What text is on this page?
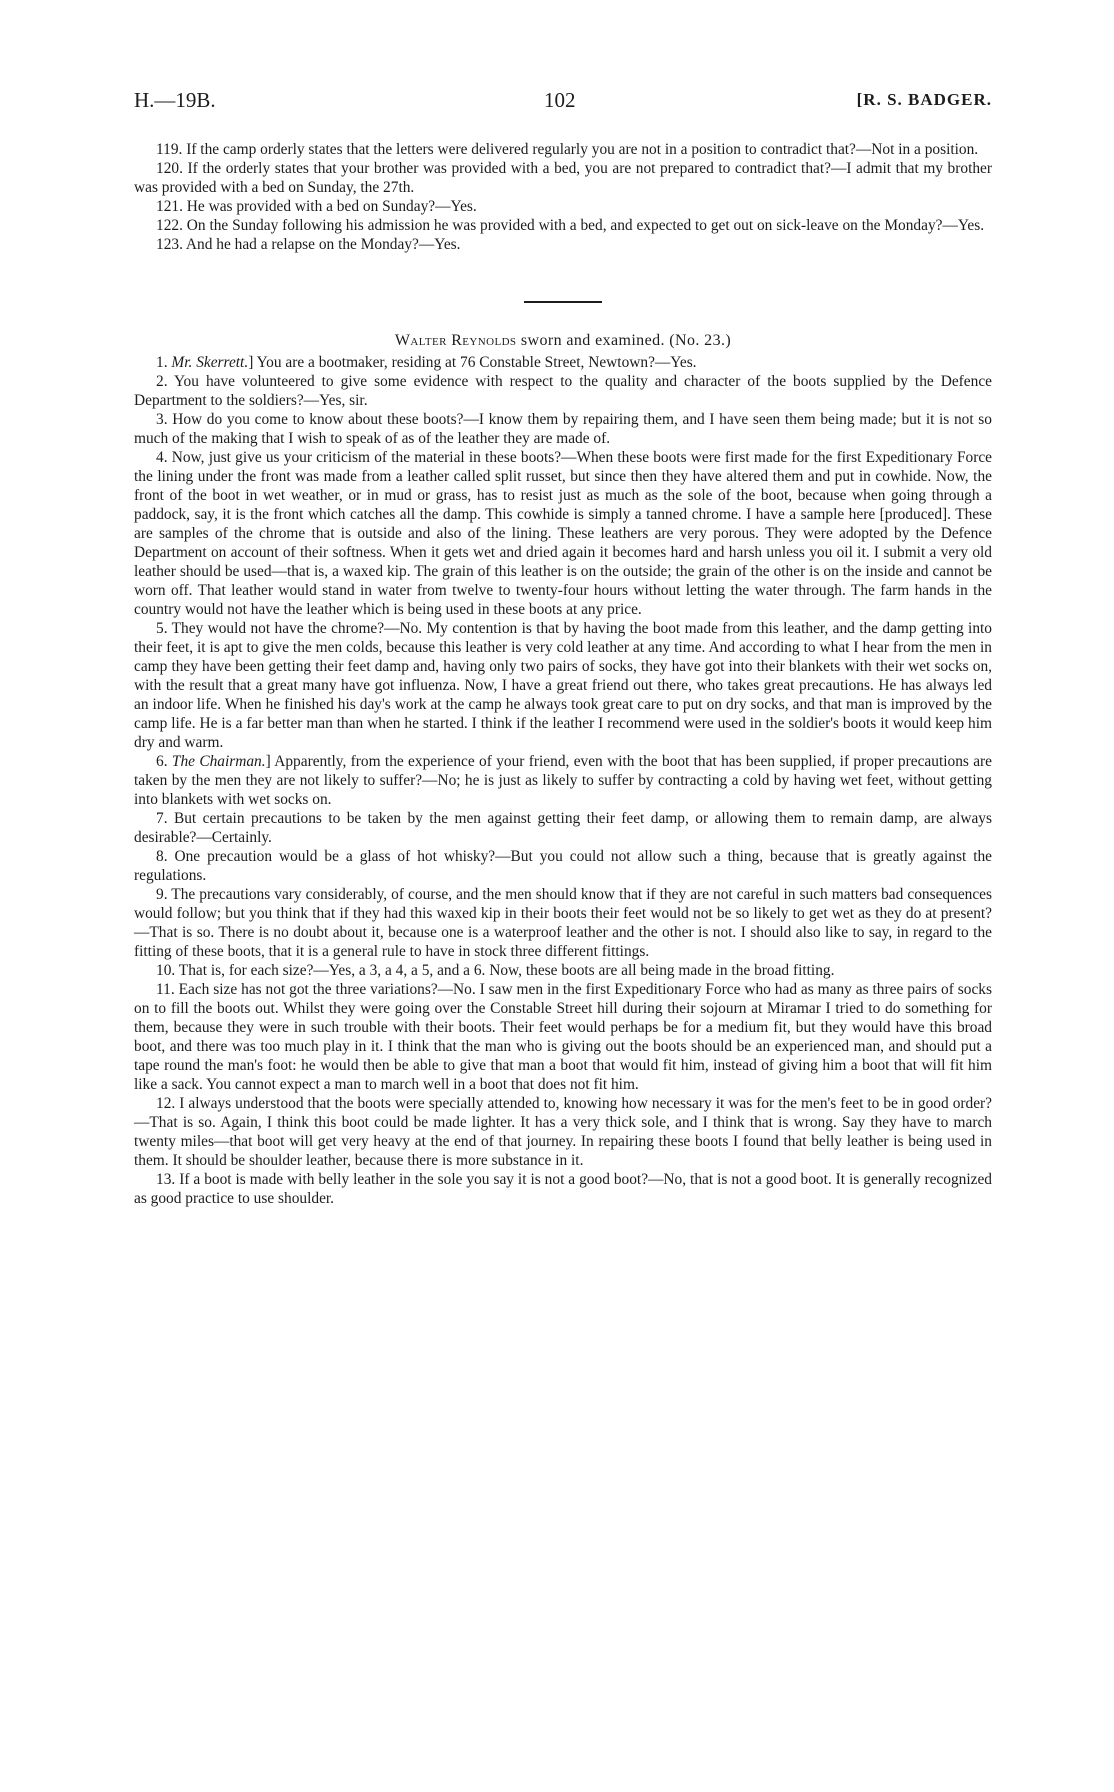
H.—19B.	102	[R. S. BADGER.

119. If the camp orderly states that the letters were delivered regularly you are not in a position to contradict that?—Not in a position.

120. If the orderly states that your brother was provided with a bed, you are not prepared to contradict that?—I admit that my brother was provided with a bed on Sunday, the 27th.

121. He was provided with a bed on Sunday?—Yes.

122. On the Sunday following his admission he was provided with a bed, and expected to get out on sick-leave on the Monday?—Yes.

123. And he had a relapse on the Monday?—Yes.

Walter Reynolds sworn and examined. (No. 23.)

1. Mr. Skerrett.] You are a bootmaker, residing at 76 Constable Street, Newtown?—Yes.

2. You have volunteered to give some evidence with respect to the quality and character of the boots supplied by the Defence Department to the soldiers?—Yes, sir.

3. How do you come to know about these boots?—I know them by repairing them, and I have seen them being made; but it is not so much of the making that I wish to speak of as of the leather they are made of.

4. Now, just give us your criticism of the material in these boots?—When these boots were first made for the first Expeditionary Force the lining under the front was made from a leather called split russet, but since then they have altered them and put in cowhide. Now, the front of the boot in wet weather, or in mud or grass, has to resist just as much as the sole of the boot, because when going through a paddock, say, it is the front which catches all the damp. This cowhide is simply a tanned chrome. I have a sample here [produced]. These are samples of the chrome that is outside and also of the lining. These leathers are very porous. They were adopted by the Defence Department on account of their softness. When it gets wet and dried again it becomes hard and harsh unless you oil it. I submit a very old leather should be used—that is, a waxed kip. The grain of this leather is on the outside; the grain of the other is on the inside and cannot be worn off. That leather would stand in water from twelve to twenty-four hours without letting the water through. The farm hands in the country would not have the leather which is being used in these boots at any price.

5. They would not have the chrome?—No. My contention is that by having the boot made from this leather, and the damp getting into their feet, it is apt to give the men colds, because this leather is very cold leather at any time. And according to what I hear from the men in camp they have been getting their feet damp and, having only two pairs of socks, they have got into their blankets with their wet socks on, with the result that a great many have got influenza. Now, I have a great friend out there, who takes great precautions. He has always led an indoor life. When he finished his day's work at the camp he always took great care to put on dry socks, and that man is improved by the camp life. He is a far better man than when he started. I think if the leather I recommend were used in the soldier's boots it would keep him dry and warm.

6. The Chairman.] Apparently, from the experience of your friend, even with the boot that has been supplied, if proper precautions are taken by the men they are not likely to suffer?—No; he is just as likely to suffer by contracting a cold by having wet feet, without getting into blankets with wet socks on.

7. But certain precautions to be taken by the men against getting their feet damp, or allowing them to remain damp, are always desirable?—Certainly.

8. One precaution would be a glass of hot whisky?—But you could not allow such a thing, because that is greatly against the regulations.

9. The precautions vary considerably, of course, and the men should know that if they are not careful in such matters bad consequences would follow; but you think that if they had this waxed kip in their boots their feet would not be so likely to get wet as they do at present?—That is so. There is no doubt about it, because one is a waterproof leather and the other is not. I should also like to say, in regard to the fitting of these boots, that it is a general rule to have in stock three different fittings.

10. That is, for each size?—Yes, a 3, a 4, a 5, and a 6. Now, these boots are all being made in the broad fitting.

11. Each size has not got the three variations?—No. I saw men in the first Expeditionary Force who had as many as three pairs of socks on to fill the boots out. Whilst they were going over the Constable Street hill during their sojourn at Miramar I tried to do something for them, because they were in such trouble with their boots. Their feet would perhaps be for a medium fit, but they would have this broad boot, and there was too much play in it. I think that the man who is giving out the boots should be an experienced man, and should put a tape round the man's foot: he would then be able to give that man a boot that would fit him, instead of giving him a boot that will fit him like a sack. You cannot expect a man to march well in a boot that does not fit him.

12. I always understood that the boots were specially attended to, knowing how necessary it was for the men's feet to be in good order?—That is so. Again, I think this boot could be made lighter. It has a very thick sole, and I think that is wrong. Say they have to march twenty miles—that boot will get very heavy at the end of that journey. In repairing these boots I found that belly leather is being used in them. It should be shoulder leather, because there is more substance in it.

13. If a boot is made with belly leather in the sole you say it is not a good boot?—No, that is not a good boot. It is generally recognized as good practice to use shoulder.
